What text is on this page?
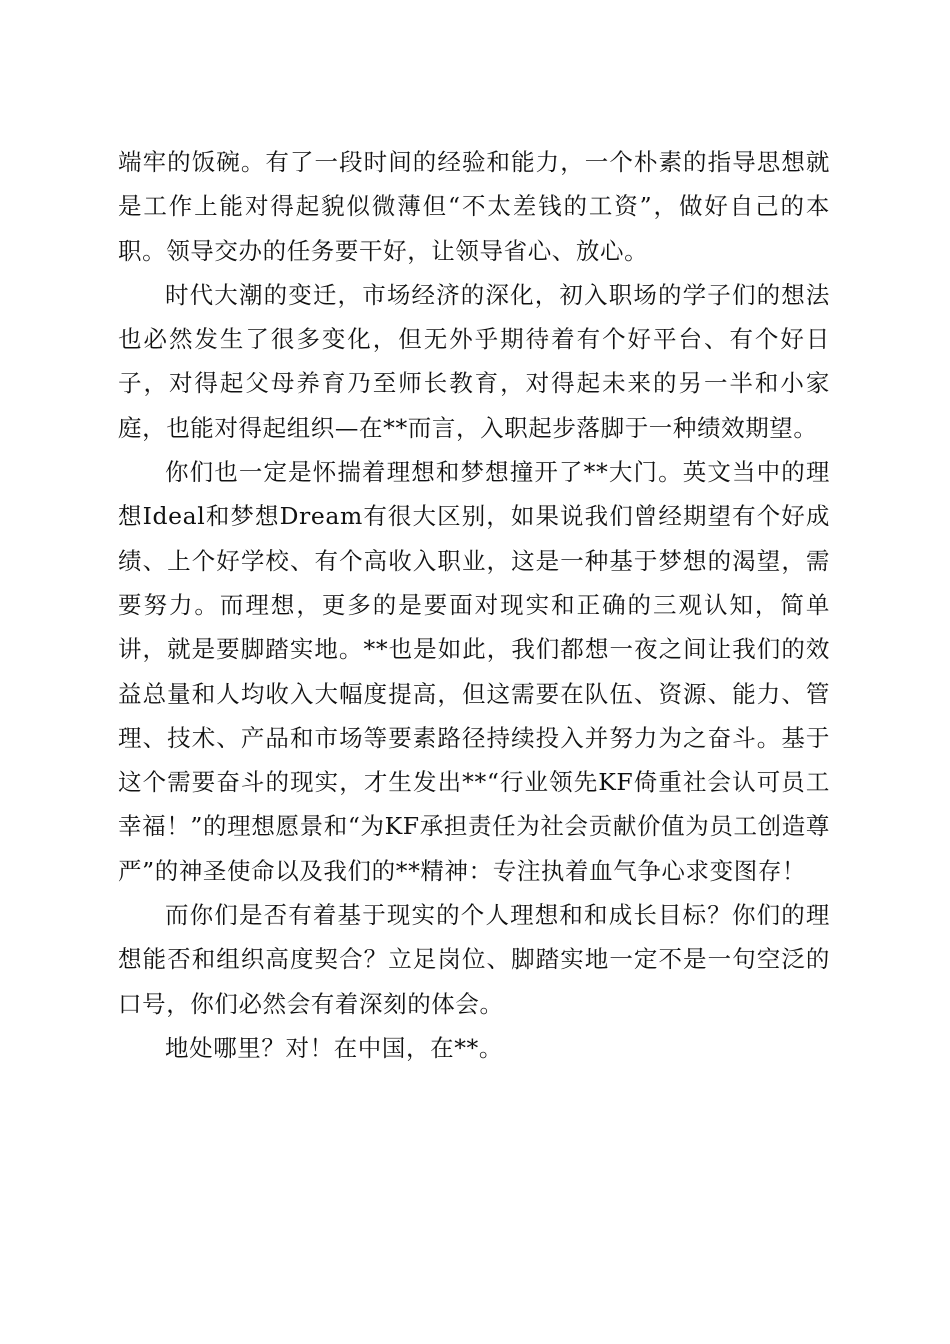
端牢的饭碗。有了一段时间的经验和能力，一个朴素的指导思想就是工作上能对得起貌似微薄但“不太差钱的工资”，做好自己的本职。领导交办的任务要干好，让领导省心、放心。

时代大潮的变迁，市场经济的深化，初入职场的学子们的想法也必然发生了很多变化，但无外乎期待着有个好平台、有个好日子，对得起父母养育乃至师长教育，对得起未来的另一半和小家庭，也能对得起组织—在**而言，入职起步落脚于一种绩效期望。

你们也一定是怀揣着理想和梦想撞开了**大门。英文当中的理想Ideal和梦想Dream有很大区别，如果说我们曾经期望有个好成绩、上个好学校、有个高收入职业，这是一种基于梦想的渴望，需要努力。而理想，更多的是要面对现实和正确的三观认知，简单讲，就是要脚踏实地。**也是如此，我们都想一夜之间让我们的效益总量和人均收入大幅度提高，但这需要在队伍、资源、能力、管理、技术、产品和市场等要素路径持续投入并努力为之奋斗。基于这个需要奋斗的现实，才生发出**“行业领先KF倚重社会认可员工幸福！”的理想愿景和“为KF承担责任为社会贡献价值为员工创造尊严”的神圣使命以及我们的**精神：专注执着血气争心求变图存！

而你们是否有着基于现实的个人理想和和成长目标？你们的理想能否和组织高度契合？立足岗位、脚踏实地一定不是一句空泛的口号，你们必然会有着深刻的体会。

地处哪里？对！在中国，在**。
